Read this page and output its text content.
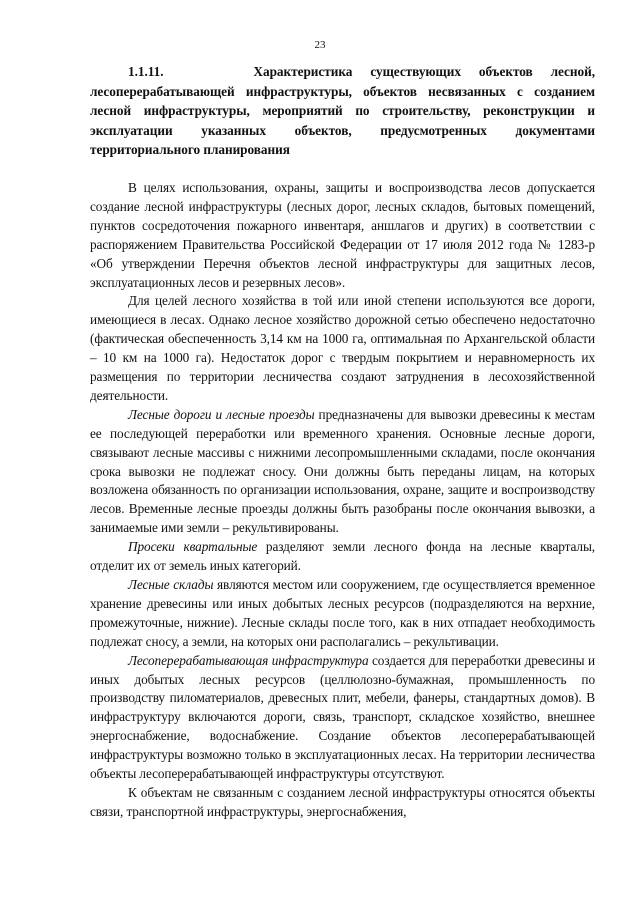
23

1.1.11.	Характеристика существующих объектов лесной, лесоперерабатывающей инфраструктуры, объектов несвязанных с созданием лесной инфраструктуры, мероприятий по строительству, реконструкции и эксплуатации указанных объектов, предусмотренных документами территориального планирования

В целях использования, охраны, защиты и воспроизводства лесов допускается создание лесной инфраструктуры (лесных дорог, лесных складов, бытовых помещений, пунктов сосредоточения пожарного инвентаря, аншлагов и других) в соответствии с распоряжением Правительства Российской Федерации от 17 июля 2012 года № 1283-р «Об утверждении Перечня объектов лесной инфраструктуры для защитных лесов, эксплуатационных лесов и резервных лесов».

Для целей лесного хозяйства в той или иной степени используются все дороги, имеющиеся в лесах. Однако лесное хозяйство дорожной сетью обеспечено недостаточно (фактическая обеспеченность 3,14 км на 1000 га, оптимальная по Архангельской области – 10 км на 1000 га). Недостаток дорог с твердым покрытием и неравномерность их размещения по территории лесничества создают затруднения в лесохозяйственной деятельности.

Лесные дороги и лесные проезды предназначены для вывозки древесины к местам ее последующей переработки или временного хранения. Основные лесные дороги, связывают лесные массивы с нижними лесопромышленными складами, после окончания срока вывозки не подлежат сносу. Они должны быть переданы лицам, на которых возложена обязанность по организации использования, охране, защите и воспроизводству лесов. Временные лесные проезды должны быть разобраны после окончания вывозки, а занимаемые ими земли – рекультивированы.

Просеки квартальные разделяют земли лесного фонда на лесные кварталы, отделит их от земель иных категорий.

Лесные склады являются местом или сооружением, где осуществляется временное хранение древесины или иных добытых лесных ресурсов (подразделяются на верхние, промежуточные, нижние). Лесные склады после того, как в них отпадает необходимость подлежат сносу, а земли, на которых они располагались – рекультивации.

Лесоперерабатывающая инфраструктура создается для переработки древесины и иных добытых лесных ресурсов (целлюлозно-бумажная, промышленность по производству пиломатериалов, древесных плит, мебели, фанеры, стандартных домов). В инфраструктуру включаются дороги, связь, транспорт, складское хозяйство, внешнее энергоснабжение, водоснабжение. Создание объектов лесоперерабатывающей инфраструктуры возможно только в эксплуатационных лесах. На территории лесничества объекты лесоперерабатывающей инфраструктуры отсутствуют.

К объектам не связанным с созданием лесной инфраструктуры относятся объекты связи, транспортной инфраструктуры, энергоснабжения,
